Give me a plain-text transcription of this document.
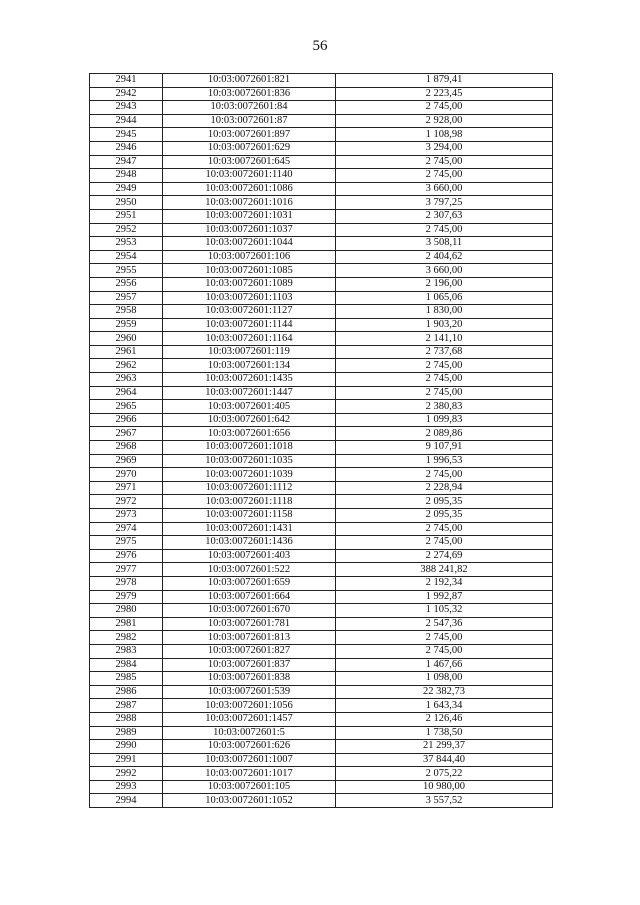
56
2941	10:03:0072601:821	1 879,41
2942	10:03:0072601:836	2 223,45
2943	10:03:0072601:84	2 745,00
2944	10:03:0072601:87	2 928,00
2945	10:03:0072601:897	1 108,98
2946	10:03:0072601:629	3 294,00
2947	10:03:0072601:645	2 745,00
2948	10:03:0072601:1140	2 745,00
2949	10:03:0072601:1086	3 660,00
2950	10:03:0072601:1016	3 797,25
2951	10:03:0072601:1031	2 307,63
2952	10:03:0072601:1037	2 745,00
2953	10:03:0072601:1044	3 508,11
2954	10:03:0072601:106	2 404,62
2955	10:03:0072601:1085	3 660,00
2956	10:03:0072601:1089	2 196,00
2957	10:03:0072601:1103	1 065,06
2958	10:03:0072601:1127	1 830,00
2959	10:03:0072601:1144	1 903,20
2960	10:03:0072601:1164	2 141,10
2961	10:03:0072601:119	2 737,68
2962	10:03:0072601:134	2 745,00
2963	10:03:0072601:1435	2 745,00
2964	10:03:0072601:1447	2 745,00
2965	10:03:0072601:405	2 380,83
2966	10:03:0072601:642	1 099,83
2967	10:03:0072601:656	2 089,86
2968	10:03:0072601:1018	9 107,91
2969	10:03:0072601:1035	1 996,53
2970	10:03:0072601:1039	2 745,00
2971	10:03:0072601:1112	2 228,94
2972	10:03:0072601:1118	2 095,35
2973	10:03:0072601:1158	2 095,35
2974	10:03:0072601:1431	2 745,00
2975	10:03:0072601:1436	2 745,00
2976	10:03:0072601:403	2 274,69
2977	10:03:0072601:522	388 241,82
2978	10:03:0072601:659	2 192,34
2979	10:03:0072601:664	1 992,87
2980	10:03:0072601:670	1 105,32
2981	10:03:0072601:781	2 547,36
2982	10:03:0072601:813	2 745,00
2983	10:03:0072601:827	2 745,00
2984	10:03:0072601:837	1 467,66
2985	10:03:0072601:838	1 098,00
2986	10:03:0072601:539	22 382,73
2987	10:03:0072601:1056	1 643,34
2988	10:03:0072601:1457	2 126,46
2989	10:03:0072601:5	1 738,50
2990	10:03:0072601:626	21 299,37
2991	10:03:0072601:1007	37 844,40
2992	10:03:0072601:1017	2 075,22
2993	10:03:0072601:105	10 980,00
2994	10:03:0072601:1052	3 557,52
